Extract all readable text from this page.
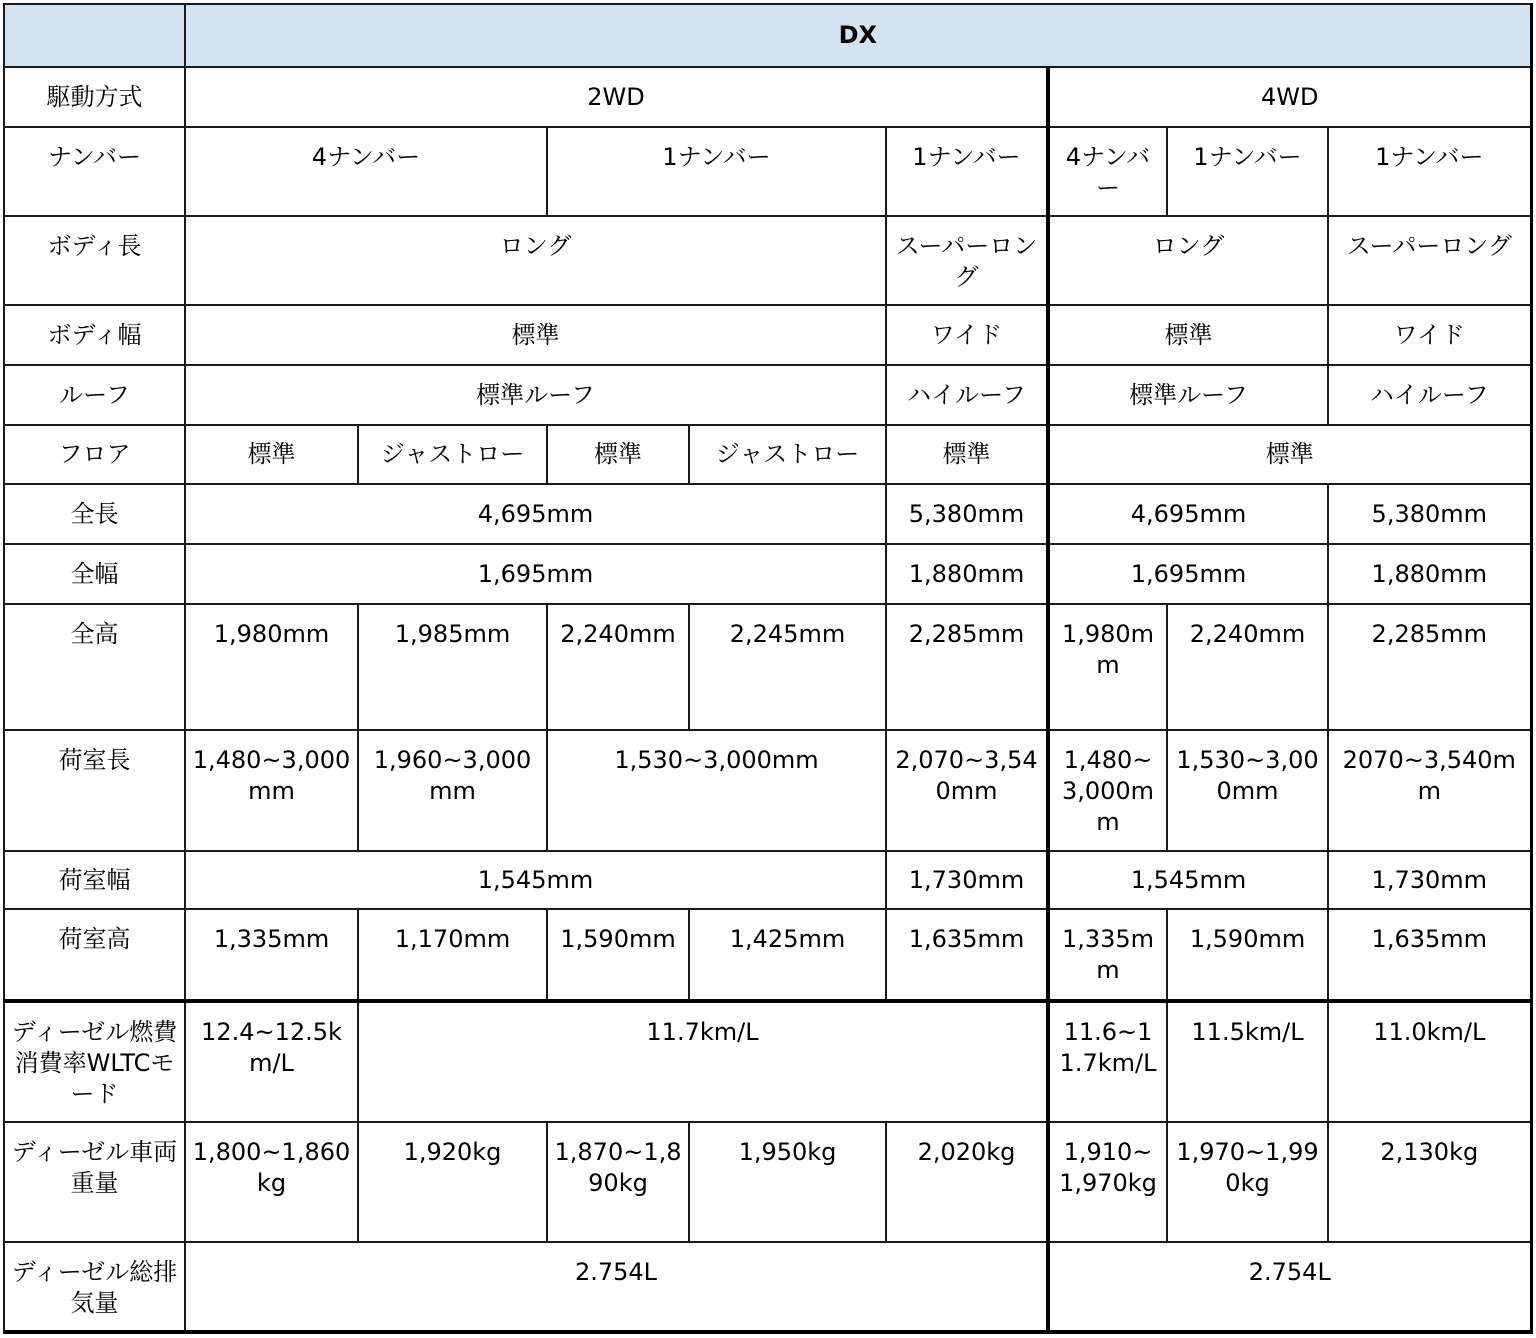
	DX							
駆動方式	2WD					4WD		
ナンバー	4ナンバー		1ナンバー		1ナンバー	4ナンバー	1ナンバー	1ナンバー
ボディ長	ロング				スーパーロング	ロング		スーパーロング
ボディ幅	標準				ワイド	標準		ワイド
ルーフ	標準ルーフ				ハイルーフ	標準ルーフ		ハイルーフ
フロア	標準	ジャストロー	標準	ジャストロー	標準	標準		
全長	4,695mm				5,380mm	4,695mm		5,380mm
全幅	1,695mm				1,880mm	1,695mm		1,880mm
全高	1,980mm	1,985mm	2,240mm	2,245mm	2,285mm	1,980mm	2,240mm	2,285mm
荷室長	1,480~3,000mm	1,960~3,000mm	1,530~3,000mm		2,070~3,540mm	1,480~3,000mm	1,530~3,000mm	2070~3,540mm
荷室幅	1,545mm				1,730mm	1,545mm		1,730mm
荷室高	1,335mm	1,170mm	1,590mm	1,425mm	1,635mm	1,335mm	1,590mm	1,635mm
ディーゼル燃費消費率WLTCモード	12.4~12.5km/L	11.7km/L				11.6~11.7km/L	11.5km/L	11.0km/L
ディーゼル車両重量	1,800~1,860kg	1,920kg	1,870~1,890kg	1,950kg	2,020kg	1,910~1,970kg	1,970~1,990kg	2,130kg
ディーゼル総排気量	2.754L					2.754L		
